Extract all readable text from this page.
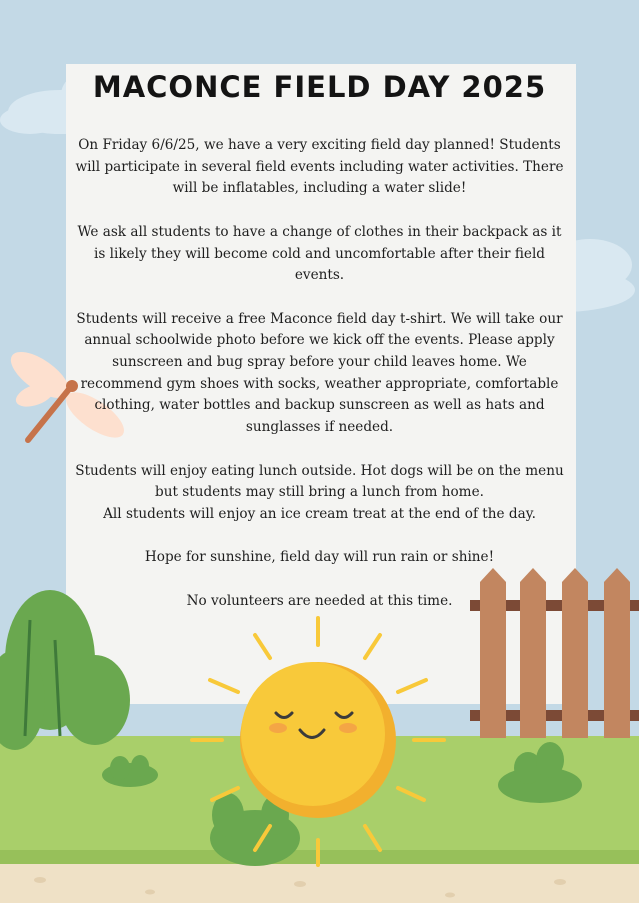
MACONCE FIELD DAY 2025

On Friday 6/6/25, we have a very exciting field day planned! Students will participate in several field events including water activities. There will be inflatables, including a water slide!

We ask all students to have a change of clothes in their backpack as it is likely they will become cold and uncomfortable after their field events.

Students will receive a free Maconce field day t-shirt. We will take our annual schoolwide photo before we kick off the events. Please apply sunscreen and bug spray before your child leaves home. We recommend gym shoes with socks, weather appropriate, comfortable clothing, water bottles and backup sunscreen as well as hats and sunglasses if needed.

Students will enjoy eating lunch outside. Hot dogs will be on the menu but students may still bring a lunch from home.
All students will enjoy an ice cream treat at the end of the day.

Hope for sunshine, field day will run rain or shine!

No volunteers are needed at this time.
